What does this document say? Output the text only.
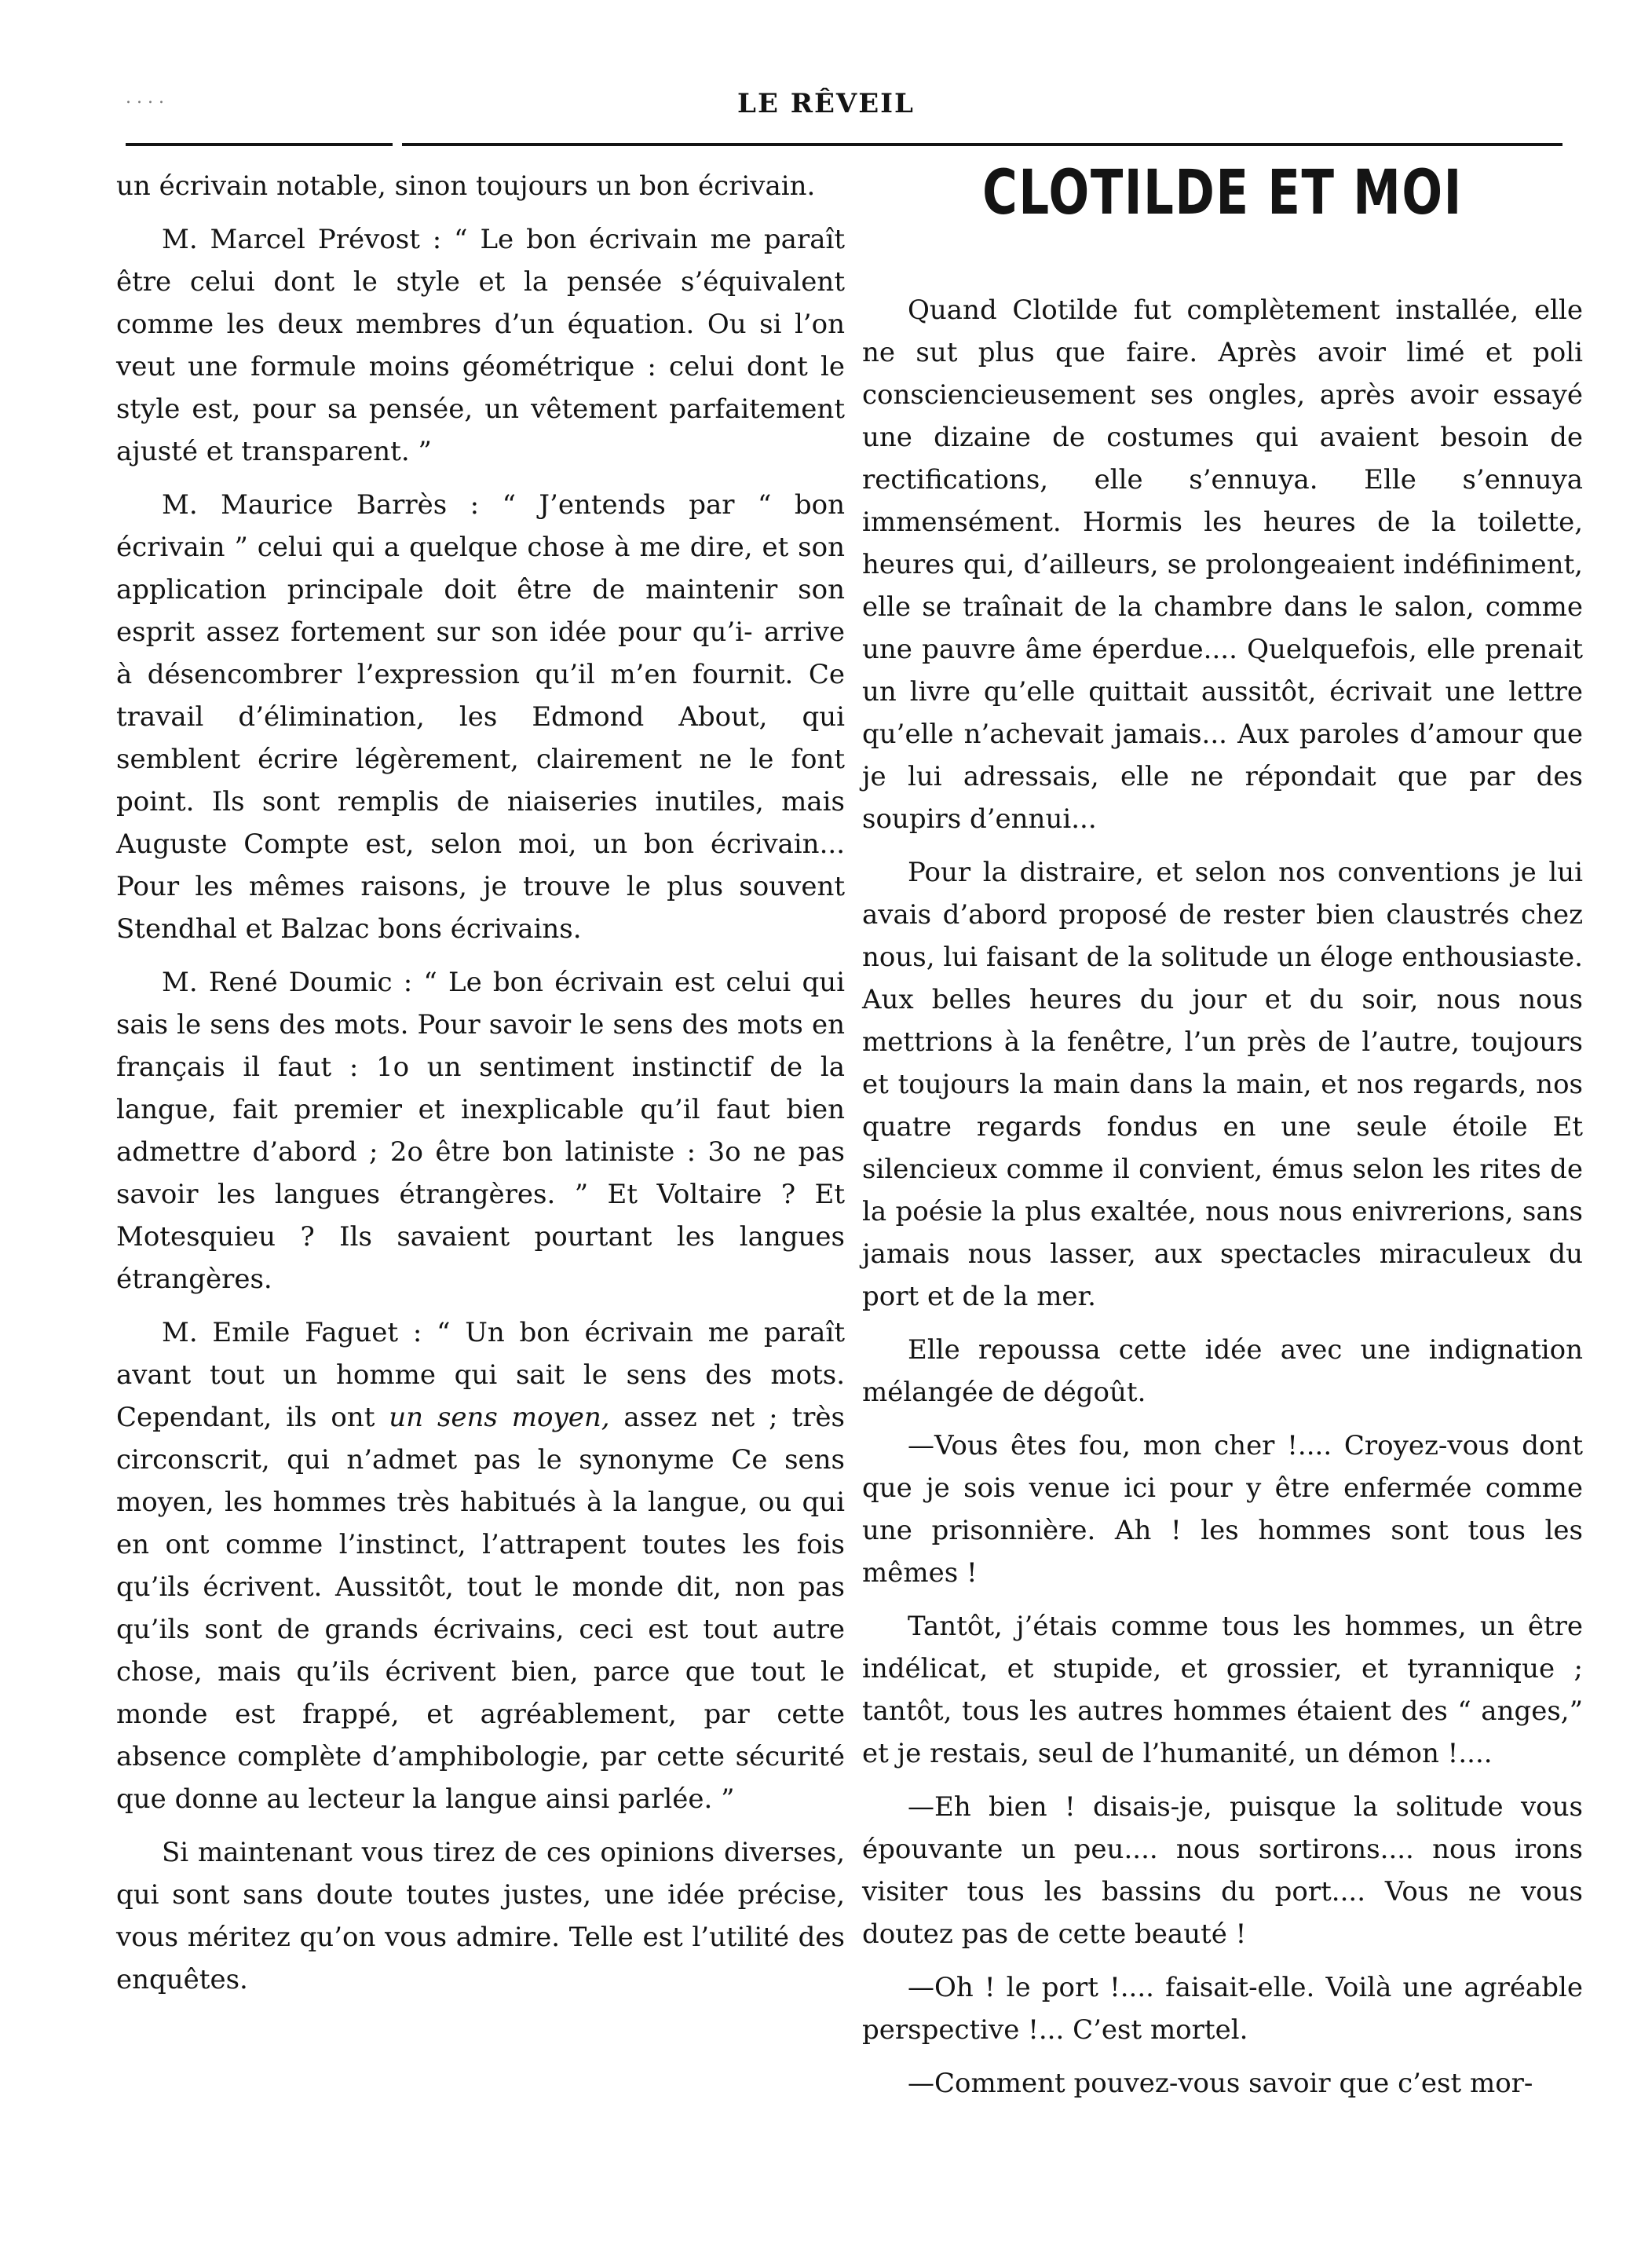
. . . .	LE RÊVEIL

un écrivain notable, sinon toujours un bon écrivain.

M. Marcel Prévost : “ Le bon écrivain me paraît être celui dont le style et la pensée s’équivalent comme les deux membres d’un équation. Ou si l’on veut une formule moins géométrique : celui dont le style est, pour sa pensée, un vêtement parfaitement ajusté et transparent. ”

M. Maurice Barrès : “ J’entends par “ bon écrivain ” celui qui a quelque chose à me dire, et son application principale doit être de maintenir son esprit assez fortement sur son idée pour qu’i- arrive à désencombrer l’expression qu’il m’en fournit. Ce travail d’élimination, les Edmond About, qui semblent écrire légèrement, clairement ne le font point. Ils sont remplis de niaiseries inutiles, mais Auguste Compte est, selon moi, un bon écrivain... Pour les mêmes raisons, je trouve le plus souvent Stendhal et Balzac bons écrivains.

M. René Doumic : “ Le bon écrivain est celui qui sais le sens des mots. Pour savoir le sens des mots en français il faut : 1o un sentiment instinctif de la langue, fait premier et inexplicable qu’il faut bien admettre d’abord ; 2o être bon latiniste : 3o ne pas savoir les langues étrangères. ” Et Voltaire ? Et Motesquieu ? Ils savaient pourtant les langues étrangères.

M. Emile Faguet : “ Un bon écrivain me paraît avant tout un homme qui sait le sens des mots. Cependant, ils ont un sens moyen, assez net ; très circonscrit, qui n’admet pas le synonyme Ce sens moyen, les hommes très habitués à la langue, ou qui en ont comme l’instinct, l’attrapent toutes les fois qu’ils écrivent. Aussitôt, tout le monde dit, non pas qu’ils sont de grands écrivains, ceci est tout autre chose, mais qu’ils écrivent bien, parce que tout le monde est frappé, et agréablement, par cette absence complète d’amphibologie, par cette sécurité que donne au lecteur la langue ainsi parlée. ”

Si maintenant vous tirez de ces opinions diverses, qui sont sans doute toutes justes, une idée précise, vous méritez qu’on vous admire. Telle est l’utilité des enquêtes.

CLOTILDE ET MOI

Quand Clotilde fut complètement installée, elle ne sut plus que faire. Après avoir limé et poli consciencieusement ses ongles, après avoir essayé une dizaine de costumes qui avaient besoin de rectifications, elle s’ennuya. Elle s’ennuya immensément. Hormis les heures de la toilette, heures qui, d’ailleurs, se prolongeaient indéfiniment, elle se traînait de la chambre dans le salon, comme une pauvre âme éperdue.... Quelquefois, elle prenait un livre qu’elle quittait aussitôt, écrivait une lettre qu’elle n’achevait jamais... Aux paroles d’amour que je lui adressais, elle ne répondait que par des soupirs d’ennui...

Pour la distraire, et selon nos conventions je lui avais d’abord proposé de rester bien claustrés chez nous, lui faisant de la solitude un éloge enthousiaste. Aux belles heures du jour et du soir, nous nous mettrions à la fenêtre, l’un près de l’autre, toujours et toujours la main dans la main, et nos regards, nos quatre regards fondus en une seule étoile Et silencieux comme il convient, émus selon les rites de la poésie la plus exaltée, nous nous enivrerions, sans jamais nous lasser, aux spectacles miraculeux du port et de la mer.

Elle repoussa cette idée avec une indignation mélangée de dégoût.

—Vous êtes fou, mon cher !.... Croyez-vous dont que je sois venue ici pour y être enfermée comme une prisonnière. Ah ! les hommes sont tous les mêmes !

Tantôt, j’étais comme tous les hommes, un être indélicat, et stupide, et grossier, et tyrannique ; tantôt, tous les autres hommes étaient des “ anges,” et je restais, seul de l’humanité, un démon !....

—Eh bien ! disais-je, puisque la solitude vous épouvante un peu.... nous sortirons.... nous irons visiter tous les bassins du port.... Vous ne vous doutez pas de cette beauté !

—Oh ! le port !.... faisait-elle. Voilà une agréable perspective !... C’est mortel.

—Comment pouvez-vous savoir que c’est mor-
